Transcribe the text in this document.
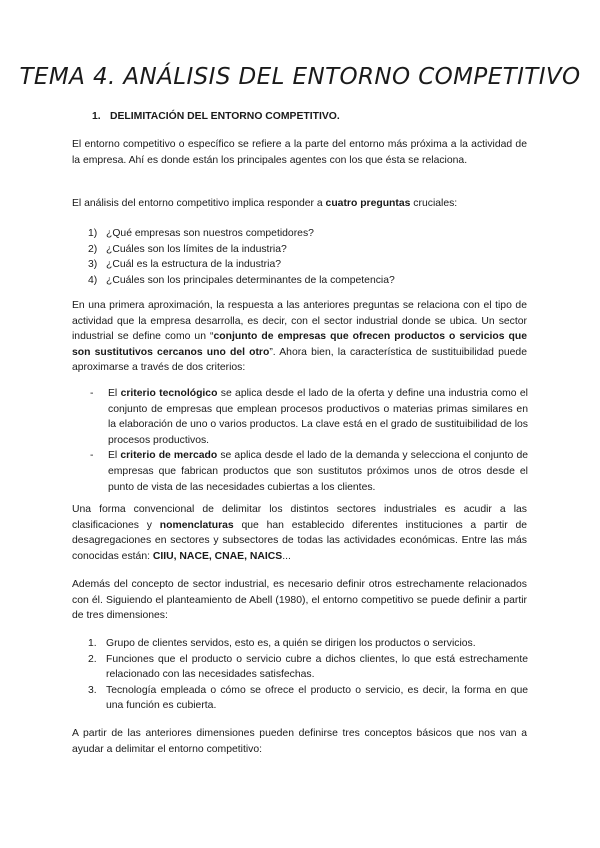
TEMA 4. ANÁLISIS DEL ENTORNO COMPETITIVO
1. DELIMITACIÓN DEL ENTORNO COMPETITIVO.

El entorno competitivo o específico se refiere a la parte del entorno más próxima a la actividad de la empresa. Ahí es donde están los principales agentes con los que ésta se relaciona.

El análisis del entorno competitivo implica responder a cuatro preguntas cruciales:

1) ¿Qué empresas son nuestros competidores?
2) ¿Cuáles son los límites de la industria?
3) ¿Cuál es la estructura de la industria?
4) ¿Cuáles son los principales determinantes de la competencia?

En una primera aproximación, la respuesta a las anteriores preguntas se relaciona con el tipo de actividad que la empresa desarrolla, es decir, con el sector industrial donde se ubica. Un sector industrial se define como un “conjunto de empresas que ofrecen productos o servicios que son sustitutivos cercanos uno del otro”. Ahora bien, la característica de sustituibilidad puede aproximarse a través de dos criterios:

-	El criterio tecnológico se aplica desde el lado de la oferta y define una industria como el conjunto de empresas que emplean procesos productivos o materias primas similares en la elaboración de uno o varios productos. La clave está en el grado de sustituibilidad de los procesos productivos.
-	El criterio de mercado se aplica desde el lado de la demanda y selecciona el conjunto de empresas que fabrican productos que son sustitutos próximos unos de otros desde el punto de vista de las necesidades cubiertas a los clientes.

Una forma convencional de delimitar los distintos sectores industriales es acudir a las clasificaciones y nomenclaturas que han establecido diferentes instituciones a partir de desagregaciones en sectores y subsectores de todas las actividades económicas. Entre las más conocidas están: CIIU, NACE, CNAE, NAICS...

Además del concepto de sector industrial, es necesario definir otros estrechamente relacionados con él. Siguiendo el planteamiento de Abell (1980), el entorno competitivo se puede definir a partir de tres dimensiones:

1. Grupo de clientes servidos, esto es, a quién se dirigen los productos o servicios.
2. Funciones que el producto o servicio cubre a dichos clientes, lo que está estrechamente relacionado con las necesidades satisfechas.
3. Tecnología empleada o cómo se ofrece el producto o servicio, es decir, la forma en que una función es cubierta.

A partir de las anteriores dimensiones pueden definirse tres conceptos básicos que nos van a ayudar a delimitar el entorno competitivo:
